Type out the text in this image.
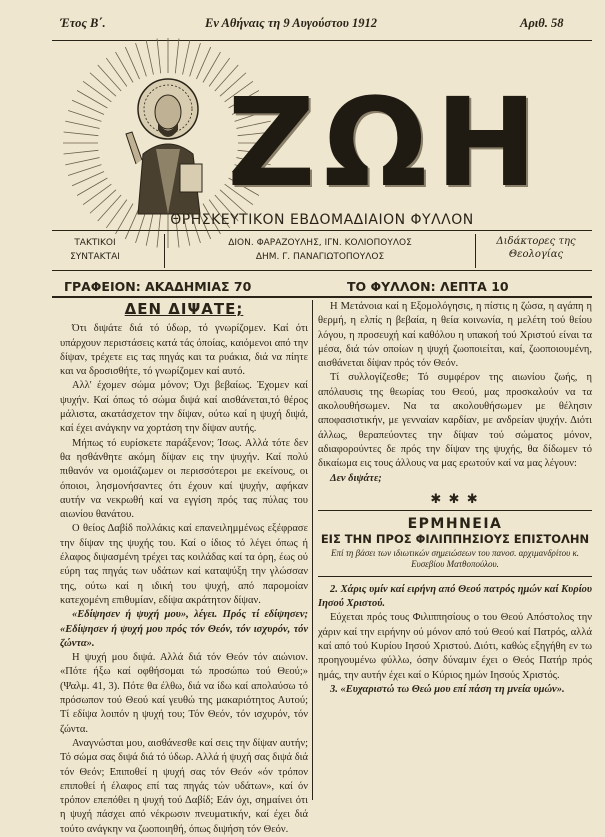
Έτος Β΄.	Εν Αθήναις τη 9 Αυγούστου 1912	Αριθ. 58
ΖΩΗ
ΘΡΗΣΚΕΥΤΙΚΟΝ ΕΒΔΟΜΑΔΙΑΙΟΝ ΦΥΛΛΟΝ
ΤΑΚΤΙΚΟΙ
ΣΥΝΤΑΚΤΑΙ
ΔΙΟΝ. ΦΑΡΑΖΟΥΛΗΣ, ΙΓΝ. ΚΟΛΙΟΠΟΥΛΟΣ
ΔΗΜ. Γ. ΠΑΝΑΓΙΩΤΟΠΟΥΛΟΣ
Διδάκτορες της
Θεολογίας
ΓΡΑΦΕΙΟΝ: ΑΚΑΔΗΜΙΑΣ 70	ΤΟ ΦΥΛΛΟΝ: ΛΕΠΤΑ 10
ΔΕΝ ΔΙΨΑΤΕ;

Ότι διψάτε διά τό ύδωρ, τό γνωρίζομεν. Καί ότι υπάρχουν περιστάσεις κατά τάς όποίας, καιόμενοι από την δίψαν, τρέχετε εις τας πηγάς και τα ρυάκια, διά να πίητε και να δροσισθήτε, τό γνωρίζομεν καί αυτό.

Αλλ' έχομεν σώμα μόνον; Όχι βεβαίως. Έχομεν καί ψυχήν. Καί όπως τό σώμα διψά καί αισθάνεται,τό θέρος μάλιστα, ακατάσχετον την δίψαν, ούτω καί η ψυχή διψά, καί έχει ανάγκην να χορτάση την δίψαν αυτής.

Μήπως τό ευρίσκετε παράξενον; Ίσως. Αλλά τότε δεν θα ησθάνθητε ακόμη δίψαν εις την ψυχήν. Καί πολύ πιθανόν να ομοιάζωμεν οι περισσότεροι με εκείνους, οι όποιοι, λησμονήσαντες ότι έχουν καί ψυχήν, αφήκαν αυτήν να νεκρωθή καί να εγγίση πρός τας πύλας του αιωνίου θανάτου.

Ο θείος Δαβίδ πολλάκις καί επανειλημμένως εξέφρασε την δίψαν της ψυχής του. Καί ο ίδιος τό λέγει όπως ή έλαφος διψασμένη τρέχει τας κοιλάδας καί τα όρη, έως ού εύρη τας πηγάς των υδάτων καί καταψύξη την γλώσσαν της, ούτω καί η ιδική του ψυχή, από παρομοίαν κατεχομένη επιθυμίαν, εδίψα ακράτητον δίψαν.

«Εδίψησεν ή ψυχή μου», λέγει. Πρός τί εδίψησεν; «Εδίψησεν ή ψυχή μου πρός τόν Θεόν, τόν ισχυρόν, τόν ζώντα».

Η ψυχή μου διψά. Αλλά διά τόν Θεόν τόν αιώνιον. «Πότε ήξω καί οφθήσομαι τώ προσώπω τού Θεού;» (Ψαλμ. 41, 3). Πότε θα έλθω, διά να ίδω καί απολαύσω τό πρόσωπον τού Θεού καί γευθώ της μακαριότητος Αυτού; Τί εδίψα λοιπόν η ψυχή του; Τόν Θεόν, τόν ισχυρόν, τόν ζώντα.

Αναγνώσται μου, αισθάνεσθε καί σεις την δίψαν αυτήν; Τό σώμα σας διψά διά τό ύδωρ. Αλλά ή ψυχή σας διψά διά τόν Θεόν; Επιποθεί η ψυχή σας τόν Θεόν «όν τρόπον επιποθεί ή έλαφος επί τας πηγάς τών υδάτων», καί όν τρόπον επεπόθει η ψυχή τού Δαβίδ; Εάν όχι, σημαίνει ότι η ψυχή πάσχει από νέκρωσιν πνευματικήν, καί έχει διά τούτο ανάγκην να ζωοποιηθή, όπως διψήση τόν Θεόν.

Η Μετάνοια καί η Εξομολόγησις, η πίστις η ζώσα, η αγάπη η θερμή, η ελπίς η βεβαία, η θεία κοινωνία, η μελέτη τού θείου λόγου, η προσευχή καί καθόλου η υπακοή τού Χριστού είναι τα μέσα, διά τών οποίων η ψυχή ζωοποιείται, καί, ζωοποιουμένη, αισθάνεται δίψαν πρός τόν Θεόν.

Τί συλλογίζεσθε; Τό συμφέρον της αιωνίου ζωής, η απόλαυσις της θεωρίας του Θεού, μας προσκαλούν να τα ακολουθήσωμεν. Να τα ακολουθήσωμεν με θέλησιν αποφασιστικήν, με γενναίαν καρδίαν, με ανδρείαν ψυχήν. Διότι άλλως, θεραπεύοντες την δίψαν τού σώματος μόνον, αδιαφορούντες δε πρός την δίψαν της ψυχής, θα δίδωμεν τό δικαίωμα εις τους άλλους να μας ερωτούν καί να μας λέγουν:

Δεν διψάτε;

✱ ✱ ✱
ΕΡΜΗΝΕΙΑ
ΕΙΣ ΤΗΝ ΠΡΟΣ ΦΙΛΙΠΠΗΣΙΟΥΣ ΕΠΙΣΤΟΛΗΝ
Επί τη βάσει των ιδιωτικών σημειώσεων του πανοσ. αρχιμανδρίτου κ. Ευσεβίου Ματθοπούλου.

2. Χάρις υμίν καί ειρήνη από Θεού πατρός ημών καί Κυρίου Ιησού Χριστού.

Εύχεται πρός τους Φιλιππησίους ο του Θεού Απόστολος την χάριν καί την ειρήνην ού μόνον από τού Θεού καί Πατρός, αλλά καί από τού Κυρίου Ιησού Χριστού. Διότι, καθώς εξηγήθη εν τω προηγουμένω φύλλω, όσην δύναμιν έχει ο Θεός Πατήρ πρός ημάς, την αυτήν έχει καί ο Κύριος ημών Ιησούς Χριστός.

3. «Ευχαριστώ τω Θεώ μου επί πάση τη μνεία υμών».
